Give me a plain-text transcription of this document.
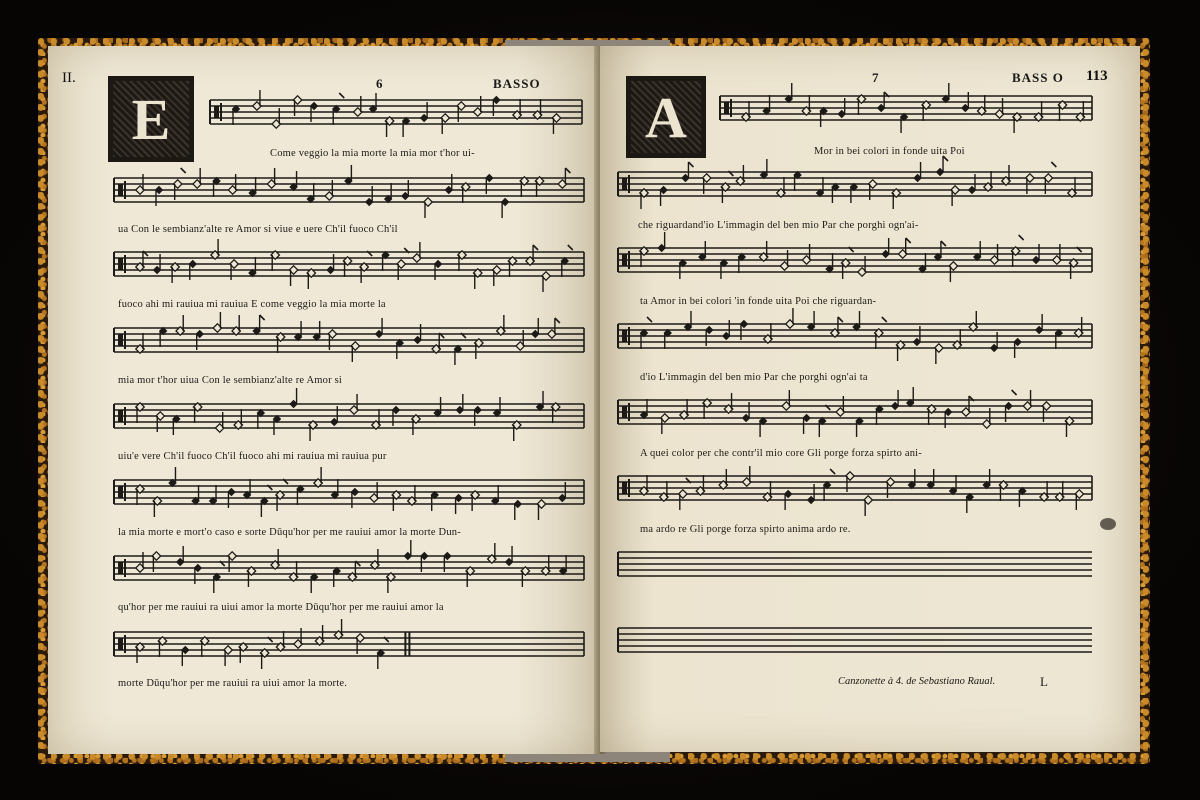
II.	6	BASSO
E
Come veggio la mia morte la mia mor t'hor ui-
ua Con le sembianz'alte re Amor si viue e uere Ch'il fuoco Ch'il
fuoco ahi mi rauiua mi rauiua E come veggio la mia morte la
mia mor t'hor uiua Con le sembianz'alte re Amor si
uiu'e vere Ch'il fuoco Ch'il fuoco ahi mi rauiua mi rauiua pur
la mia morte e mort'o caso e sorte Dūqu'hor per me rauiui amor la morte Dun-
qu'hor per me rauiui ra uiui amor la morte Dūqu'hor per me rauiui amor la
morte Dūqu'hor per me rauiui ra uiui amor la morte.
7	BASS O 113
A
Mor in bei colori in fonde uita Poi
che riguardand'io L'immagin del ben mio Par che porghi ogn'ai-
ta Amor in bei colori 'in fonde uita Poi che riguardan-
d'io L'immagin del ben mio Par che porghi ogn'ai ta
A quei color per che contr'il mio core Gli porge forza spirto ani-
ma ardo re Gli porge forza spirto anima ardo re.
Canzonette à 4. de Sebastiano Raual.	L
